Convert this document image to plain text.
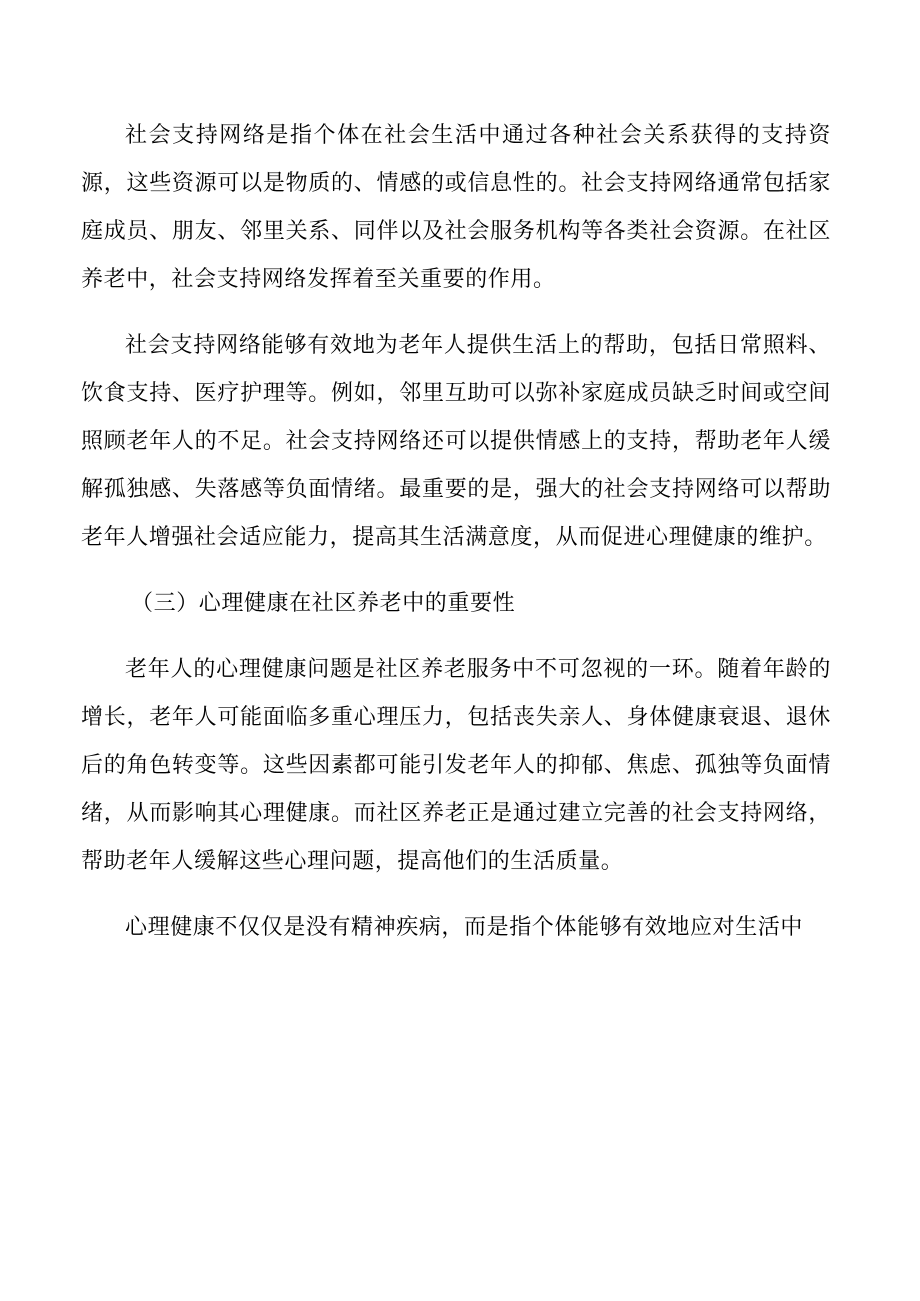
社会支持网络是指个体在社会生活中通过各种社会关系获得的支持资源，这些资源可以是物质的、情感的或信息性的。社会支持网络通常包括家庭成员、朋友、邻里关系、同伴以及社会服务机构等各类社会资源。在社区养老中，社会支持网络发挥着至关重要的作用。

社会支持网络能够有效地为老年人提供生活上的帮助，包括日常照料、饮食支持、医疗护理等。例如，邻里互助可以弥补家庭成员缺乏时间或空间照顾老年人的不足。社会支持网络还可以提供情感上的支持，帮助老年人缓解孤独感、失落感等负面情绪。最重要的是，强大的社会支持网络可以帮助老年人增强社会适应能力，提高其生活满意度，从而促进心理健康的维护。

（三）心理健康在社区养老中的重要性

老年人的心理健康问题是社区养老服务中不可忽视的一环。随着年龄的增长，老年人可能面临多重心理压力，包括丧失亲人、身体健康衰退、退休后的角色转变等。这些因素都可能引发老年人的抑郁、焦虑、孤独等负面情绪，从而影响其心理健康。而社区养老正是通过建立完善的社会支持网络，帮助老年人缓解这些心理问题，提高他们的生活质量。

心理健康不仅仅是没有精神疾病，而是指个体能够有效地应对生活中
